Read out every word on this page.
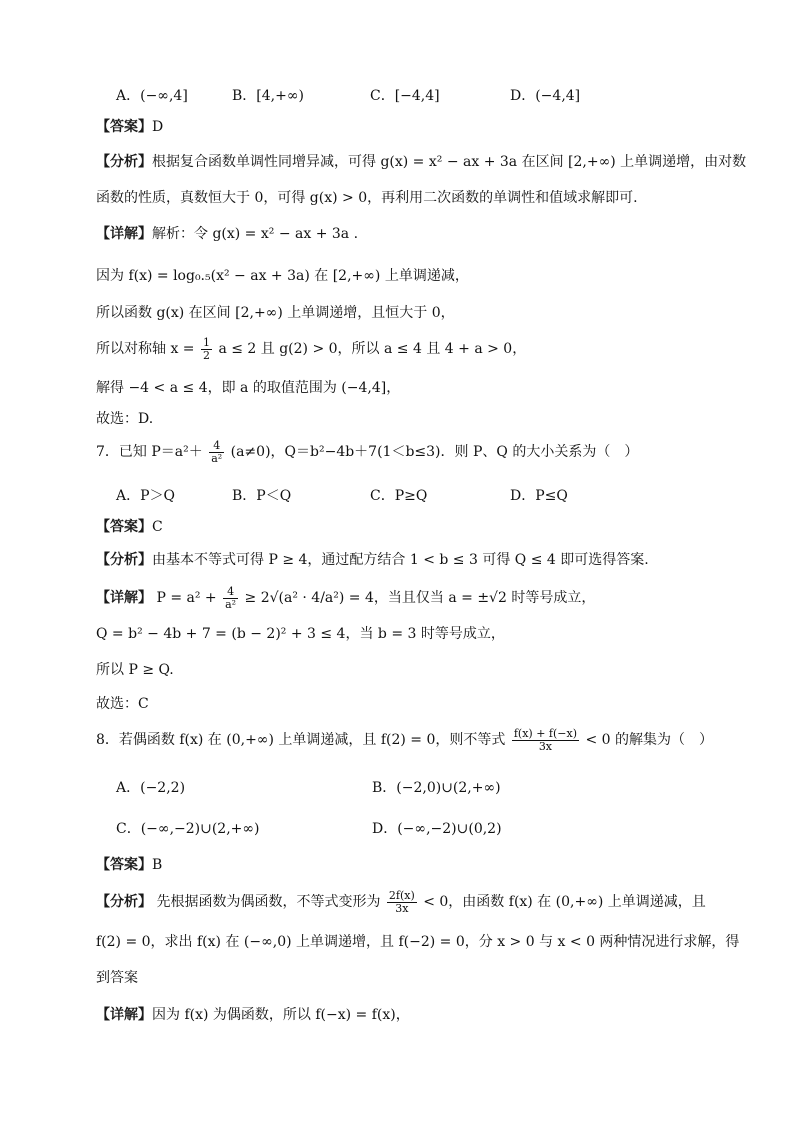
A．(−∞,4]	B．[4,+∞)	C．[−4,4]	D．(−4,4]
【答案】D
【分析】根据复合函数单调性同增异减，可得 g(x) = x² − ax + 3a 在区间 [2,+∞) 上单调递增，由对数
函数的性质，真数恒大于 0，可得 g(x) > 0，再利用二次函数的单调性和值域求解即可.
【详解】解析：令 g(x) = x² − ax + 3a .
因为 f(x) = log₀.₅(x² − ax + 3a) 在 [2,+∞) 上单调递减，
所以函数 g(x) 在区间 [2,+∞) 上单调递增，且恒大于 0，
所以对称轴 $x = \frac{1}{2}$ a ≤ 2 且 g(2) > 0，所以 a ≤ 4 且 4 + a > 0，
解得 −4 < a ≤ 4，即 a 的取值范围为 (−4,4]，
故选：D.
7．已知 $P=a^2+ \frac{4}{\text{a²}} (a\ne 0)$，Q＝b²−4b＋7(1＜b≤3)．则 P、Q 的大小关系为（　）
A．P＞Q	B．P＜Q	C．P≥Q	D．P≤Q
【答案】C
【分析】由基本不等式可得 P ≥ 4，通过配方结合 1 < b ≤ 3 可得 Q ≤ 4 即可选得答案.
【详解】 $P = a^2 + \frac{4}{\text{a²}} \ge 2√(a^2 \cdot 4/a^2) = 4$，当且仅当 a = ±√2 时等号成立，
Q = b² − 4b + 7 = (b − 2)² + 3 ≤ 4，当 b = 3 时等号成立，
所以 P ≥ Q.
故选：C
8．若偶函数 f(x) 在 (0,+∞) 上单调递减，且 f(2) = 0，则不等式 $\frac{f(x) + f(-x)}{3x} < 0$ 的解集为（　）
A．(−2,2)	B．(−2,0)∪(2,+∞)
C．(−∞,−2)∪(2,+∞)	D．(−∞,−2)∪(0,2)
【答案】B
【分析】 先根据函数为偶函数，不等式变形为 $\frac{2f(x)}{3x} < 0$，由函数 f(x) 在 (0,+∞) 上单调递减，且
f(2) = 0，求出 f(x) 在 (−∞,0) 上单调递增，且 f(−2) = 0，分 x > 0 与 x < 0 两种情况进行求解，得
到答案
【详解】因为 f(x) 为偶函数，所以 f(−x) = f(x)，
